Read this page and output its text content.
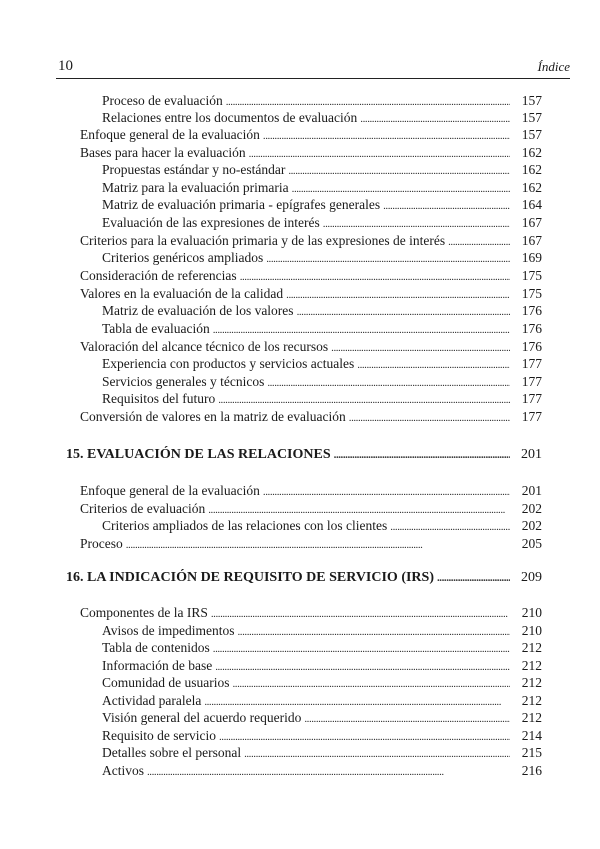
10	Índice
Proceso de evaluación . . .	157
Relaciones entre los documentos de evaluación . . .	157
Enfoque general de la evaluación . . .	157
Bases para hacer la evaluación . . .	162
Propuestas estándar y no-estándar . . .	162
Matriz para la evaluación primaria . . .	162
Matriz de evaluación primaria - epígrafes generales . . .	164
Evaluación de las expresiones de interés . . .	167
Criterios para la evaluación primaria y de las expresiones de interés . . .	167
Criterios genéricos ampliados . . .	169
Consideración de referencias . . .	175
Valores en la evaluación de la calidad . . .	175
Matriz de evaluación de los valores . . .	176
Tabla de evaluación . . .	176
Valoración del alcance técnico de los recursos . . .	176
Experiencia con productos y servicios actuales . . .	177
Servicios generales y técnicos . . .	177
Requisitos del futuro . . .	177
Conversión de valores en la matriz de evaluación . . .	177
15. EVALUACIÓN DE LAS RELACIONES . . .	201
Enfoque general de la evaluación . . .	201
Criterios de evaluación . . .	202
Criterios ampliados de las relaciones con los clientes . . .	202
Proceso . . .	205
16. LA INDICACIÓN DE REQUISITO DE SERVICIO (IRS) . . .	209
Componentes de la IRS . . .	210
Avisos de impedimentos . . .	210
Tabla de contenidos . . .	212
Información de base . . .	212
Comunidad de usuarios . . .	212
Actividad paralela . . .	212
Visión general del acuerdo requerido . . .	212
Requisito de servicio . . .	214
Detalles sobre el personal . . .	215
Activos . . .	216
